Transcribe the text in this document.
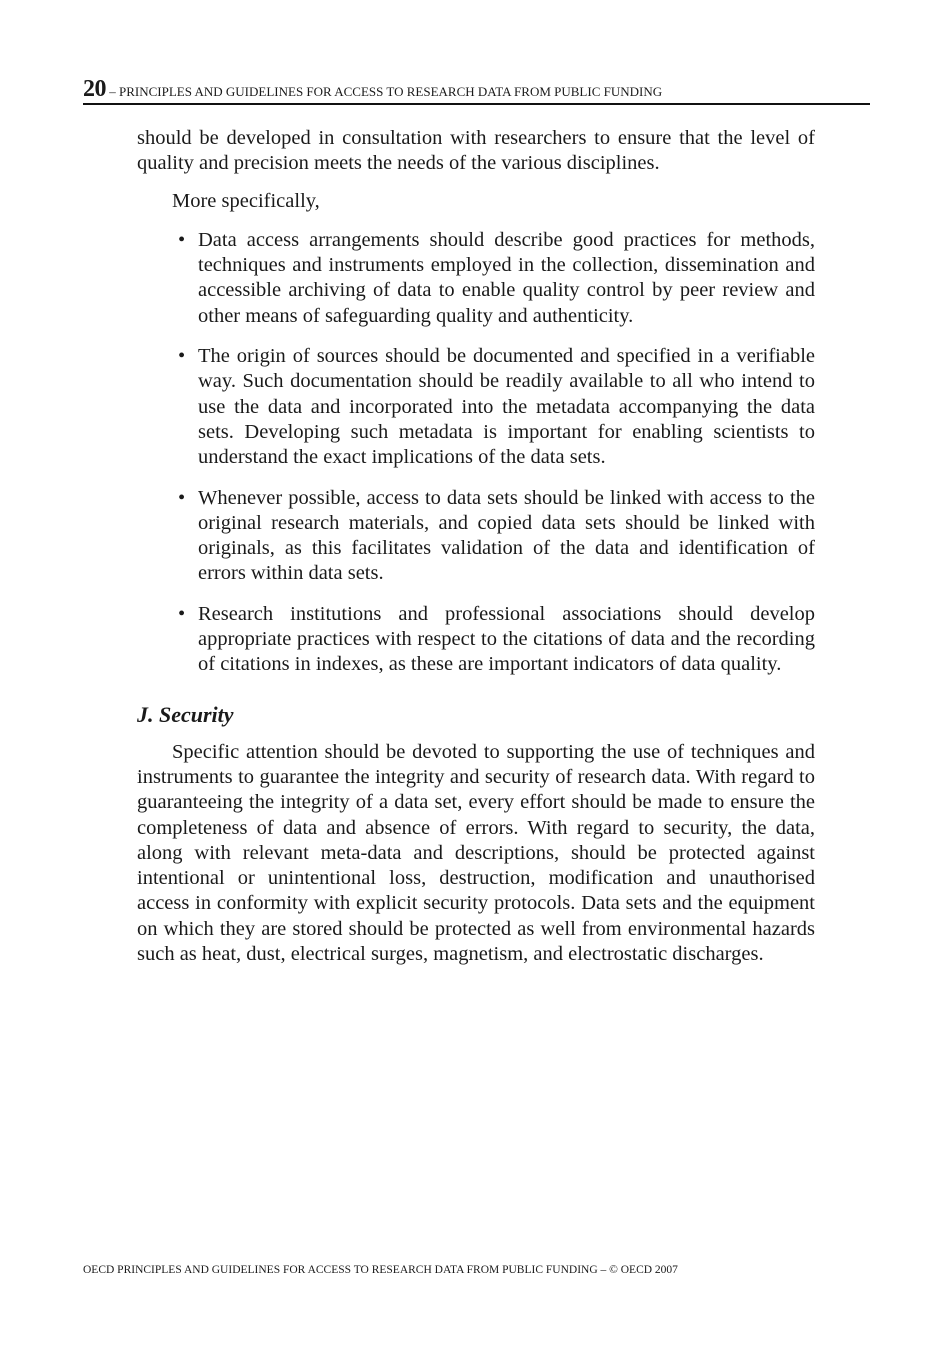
20 – PRINCIPLES AND GUIDELINES FOR ACCESS TO RESEARCH DATA FROM PUBLIC FUNDING

should be developed in consultation with researchers to ensure that the level of quality and precision meets the needs of the various disciplines.

More specifically,

• Data access arrangements should describe good practices for methods, techniques and instruments employed in the collection, dissemination and accessible archiving of data to enable quality control by peer review and other means of safeguarding quality and authenticity.
• The origin of sources should be documented and specified in a verifiable way. Such documentation should be readily available to all who intend to use the data and incorporated into the metadata accompanying the data sets. Developing such metadata is important for enabling scientists to understand the exact implications of the data sets.
• Whenever possible, access to data sets should be linked with access to the original research materials, and copied data sets should be linked with originals, as this facilitates validation of the data and identification of errors within data sets.
• Research institutions and professional associations should develop appropriate practices with respect to the citations of data and the recording of citations in indexes, as these are important indicators of data quality.
J. Security

Specific attention should be devoted to supporting the use of techniques and instruments to guarantee the integrity and security of research data. With regard to guaranteeing the integrity of a data set, every effort should be made to ensure the completeness of data and absence of errors. With regard to security, the data, along with relevant meta-data and descriptions, should be protected against intentional or unintentional loss, destruction, modification and unauthorised access in conformity with explicit security protocols. Data sets and the equipment on which they are stored should be protected as well from environmental hazards such as heat, dust, electrical surges, magnetism, and electrostatic discharges.

OECD PRINCIPLES AND GUIDELINES FOR ACCESS TO RESEARCH DATA FROM PUBLIC FUNDING – © OECD 2007
